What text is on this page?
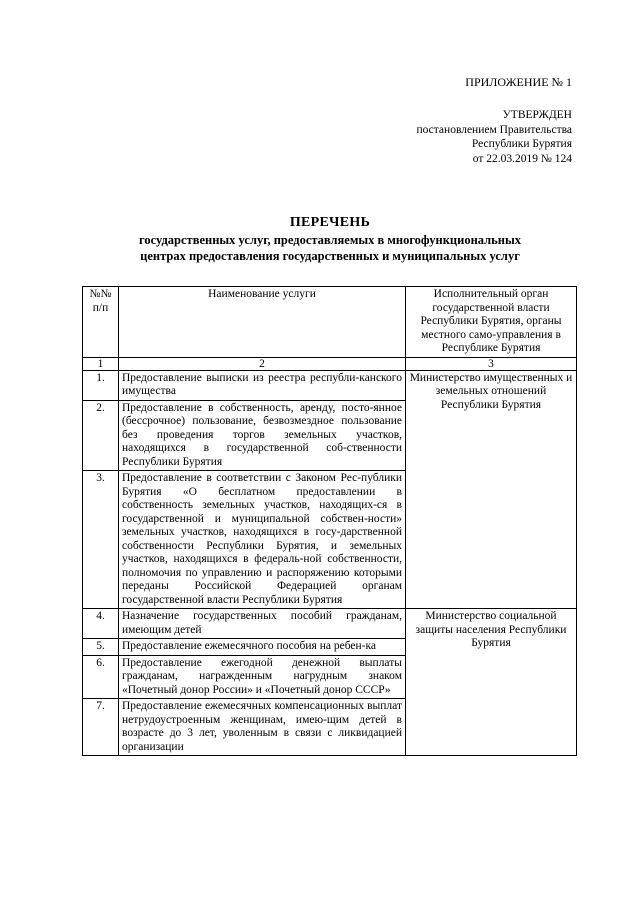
ПРИЛОЖЕНИЕ № 1
УТВЕРЖДЕН
постановлением Правительства
Республики Бурятия
от 22.03.2019 № 124
ПЕРЕЧЕНЬ
государственных услуг, предоставляемых в многофункциональных
центрах предоставления государственных и муниципальных услуг
№№ п/п	Наименование услуги	Исполнительный орган государственной власти Республики Бурятия, органы местного само-управления в Республике Бурятия
1	2	3
1.	Предоставление выписки из реестра республи-канского имущества	Министерство имущественных и земельных отношений Республики Бурятия
2.	Предоставление в собственность, аренду, посто-янное (бессрочное) пользование, безвозмездное пользование без проведения торгов земельных участков, находящихся в государственной соб-ственности Республики Бурятия	
3.	Предоставление в соответствии с Законом Рес-публики Бурятия «О бесплатном предоставлении в собственность земельных участков, находящих-ся в государственной и муниципальной собствен-ности» земельных участков, находящихся в госу-дарственной собственности Республики Бурятия, и земельных участков, находящихся в федераль-ной собственности, полномочия по управлению и распоряжению которыми переданы Российской Федерацией органам государственной власти Республики Бурятия	
4.	Назначение государственных пособий гражданам, имеющим детей	Министерство социальной защиты населения Республики Бурятия
5.	Предоставление ежемесячного пособия на ребен-ка	
6.	Предоставление ежегодной денежной выплаты гражданам, награжденным нагрудным знаком «Почетный донор России» и «Почетный донор СССР»	
7.	Предоставление ежемесячных компенсационных выплат нетрудоустроенным женщинам, имею-щим детей в возрасте до 3 лет, уволенным в связи с ликвидацией организации	
